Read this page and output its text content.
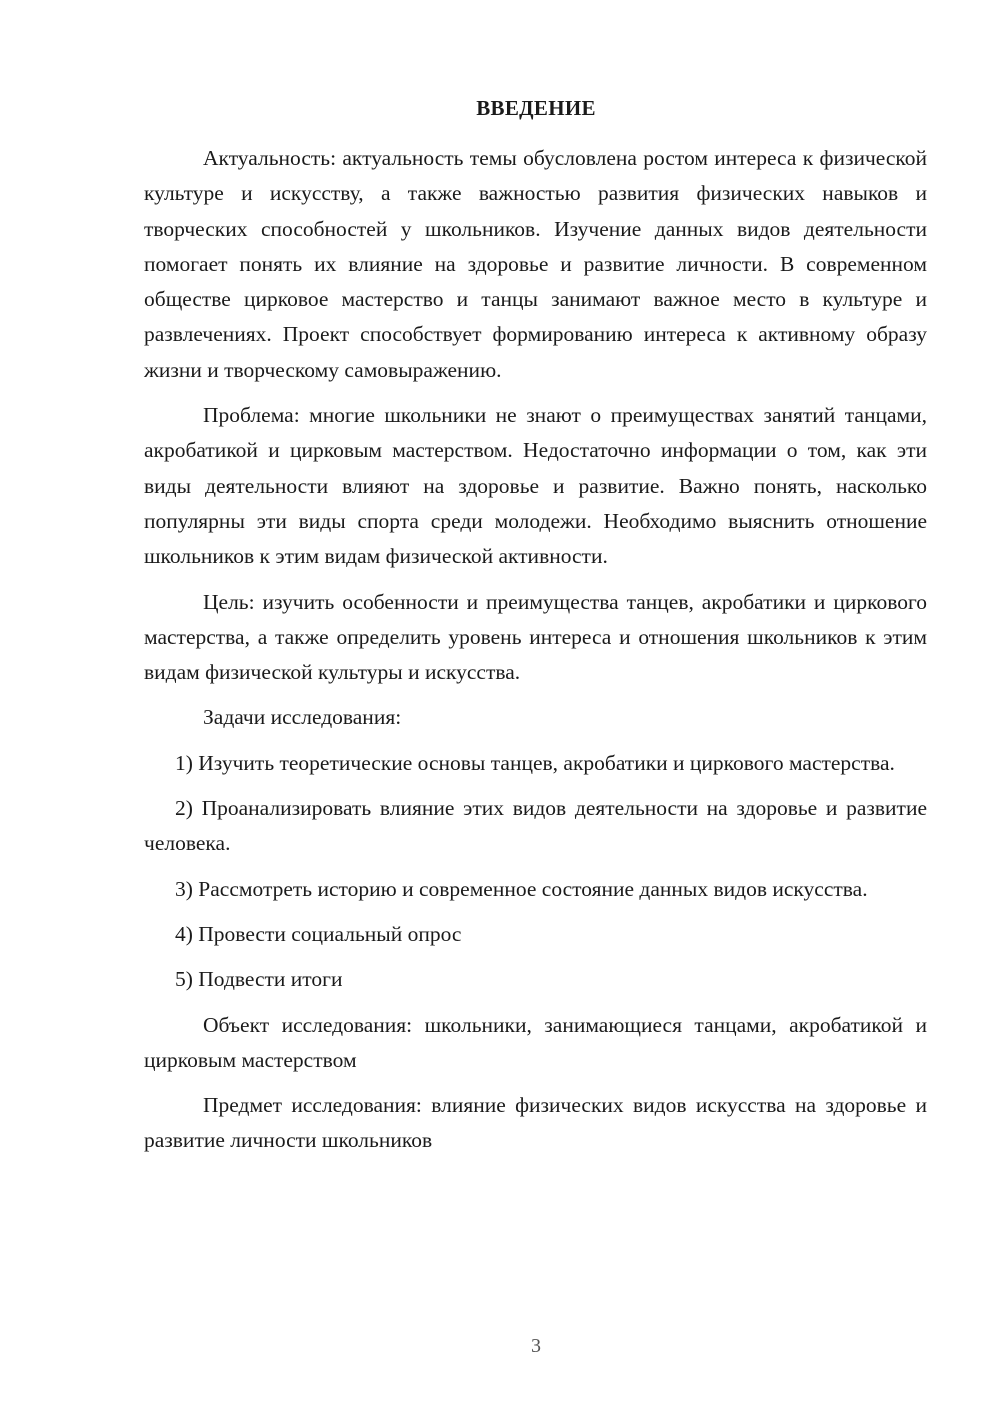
ВВЕДЕНИЕ

Актуальность: актуальность темы обусловлена ростом интереса к физической культуре и искусству, а также важностью развития физических навыков и творческих способностей у школьников. Изучение данных видов деятельности помогает понять их влияние на здоровье и развитие личности. В современном обществе цирковое мастерство и танцы занимают важное место в культуре и развлечениях. Проект способствует формированию интереса к активному образу жизни и творческому самовыражению.

Проблема: многие школьники не знают о преимуществах занятий танцами, акробатикой и цирковым мастерством. Недостаточно информации о том, как эти виды деятельности влияют на здоровье и развитие. Важно понять, насколько популярны эти виды спорта среди молодежи. Необходимо выяснить отношение школьников к этим видам физической активности.

Цель: изучить особенности и преимущества танцев, акробатики и циркового мастерства, а также определить уровень интереса и отношения школьников к этим видам физической культуры и искусства.

Задачи исследования:

1) Изучить теоретические основы танцев, акробатики и циркового мастерства.

2) Проанализировать влияние этих видов деятельности на здоровье и развитие человека.

3) Рассмотреть историю и современное состояние данных видов искусства.

4) Провести социальный опрос

5) Подвести итоги

Объект исследования: школьники, занимающиеся танцами, акробатикой и цирковым мастерством

Предмет исследования: влияние физических видов искусства на здоровье и развитие личности школьников

3
